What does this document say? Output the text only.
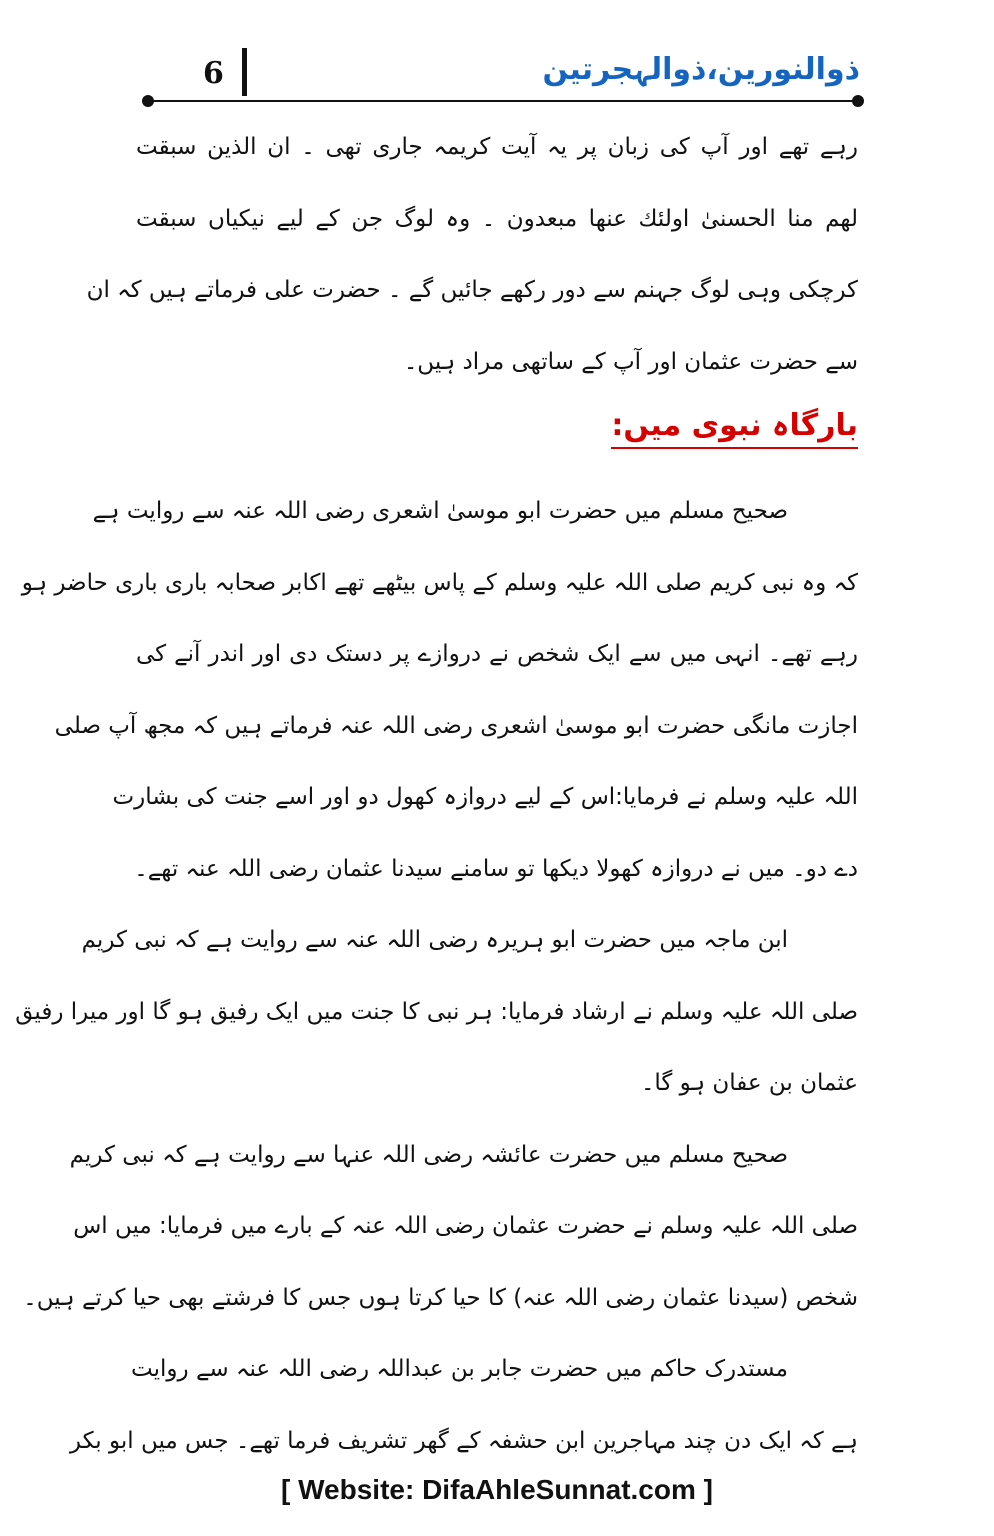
ذوالنورین،ذوالہجرتین
6
رہے تھے اور آپ کی زبان پر یہ آیت کریمہ جاری تھی ۔ ان الذین سبقت
لھم منا الحسنیٰ اولئك عنھا مبعدون ۔ وہ لوگ جن کے لیے نیکیاں سبقت
کرچکی وہی لوگ جہنم سے دور رکھے جائیں گے ۔ حضرت علی فرماتے ہیں کہ ان
سے حضرت عثمان اور آپ کے ساتھی مراد ہیں۔
بارگاہ نبوی میں:
صحیح مسلم میں حضرت ابو موسیٰ اشعری رضی اللہ عنہ سے روایت ہے
کہ وہ نبی کریم صلی اللہ علیہ وسلم کے پاس بیٹھے تھے اکابر صحابہ باری باری حاضر ہو
رہے تھے۔ انہی میں سے ایک شخص نے دروازے پر دستک دی اور اندر آنے کی
اجازت مانگی حضرت ابو موسیٰ اشعری رضی اللہ عنہ فرماتے ہیں کہ مجھ آپ صلی
اللہ علیہ وسلم نے فرمایا:اس کے لیے دروازہ کھول دو اور اسے جنت کی بشارت
دے دو۔ میں نے دروازہ کھولا دیکھا تو سامنے سیدنا عثمان رضی اللہ عنہ تھے۔
ابن ماجہ میں حضرت ابو ہریرہ رضی اللہ عنہ سے روایت ہے کہ نبی کریم
صلی اللہ علیہ وسلم نے ارشاد فرمایا: ہر نبی کا جنت میں ایک رفیق ہو گا اور میرا رفیق
عثمان بن عفان ہو گا۔
صحیح مسلم میں حضرت عائشہ رضی اللہ عنہا سے روایت ہے کہ نبی کریم
صلی اللہ علیہ وسلم نے حضرت عثمان رضی اللہ عنہ کے بارے میں فرمایا: میں اس
شخص (سیدنا عثمان رضی اللہ عنہ) کا حیا کرتا ہوں جس کا فرشتے بھی حیا کرتے ہیں۔
مستدرک حاکم میں حضرت جابر بن عبداللہ رضی اللہ عنہ سے روایت
ہے کہ ایک دن چند مہاجرین ابن حشفہ کے گھر تشریف فرما تھے۔ جس میں ابو بکر
[ Website: DifaAhleSunnat.com ]
